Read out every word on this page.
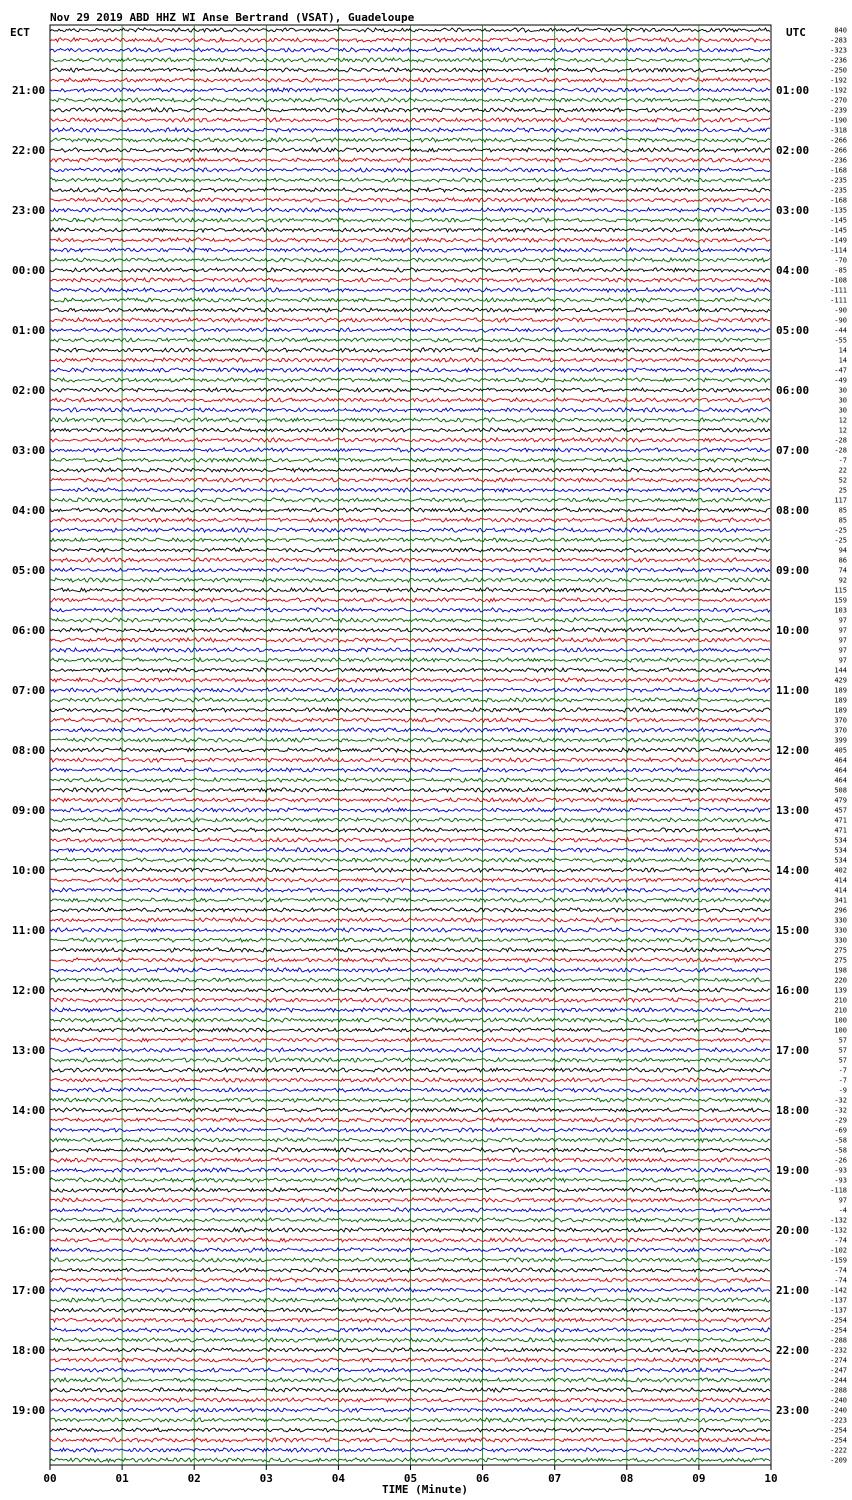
Nov 29 2019 ABD HHZ WI Anse Bertrand (VSAT), Guadeloupe
ECT	UTC
21:00
22:00
23:00
00:00
01:00
02:00
03:00
04:00
05:00
06:00
07:00
08:00
09:00
10:00
11:00
12:00
13:00
14:00
15:00
16:00
17:00
18:00
19:00
01:00
02:00
03:00
04:00
05:00
06:00
07:00
08:00
09:00
10:00
11:00
12:00
13:00
14:00
15:00
16:00
17:00
18:00
19:00
20:00
21:00
22:00
23:00
840
-283
-323
-236
-250
-192
-192
-270
-239
-190
-318
-266
-266
-236
-168
-235
-235
-168
-135
-145
-145
-149
-114
-70
-85
-108
-111
-111
-90
-90
-44
-55
14
14
-47
-49
30
30
30
12
12
-28
-28
-7
22
52
25
117
85
85
-25
-25
94
86
74
92
115
159
103
97
97
97
97
97
144
429
189
189
189
370
370
399
405
464
464
464
508
479
457
471
471
534
534
534
402
414
414
341
296
330
330
330
275
275
198
220
139
210
210
100
100
57
57
57
-7
-7
-9
-32
-32
-29
-69
-58
-58
-26
-93
-93
-118
97
-4
-132
-132
-74
-102
-159
-74
-74
-142
-137
-137
-254
-254
-288
-232
-274
-247
-244
-288
-240
-240
-223
-254
-254
-222
-209
00	01	02	03	04	05	06	07	08	09	10
TIME (Minute)
